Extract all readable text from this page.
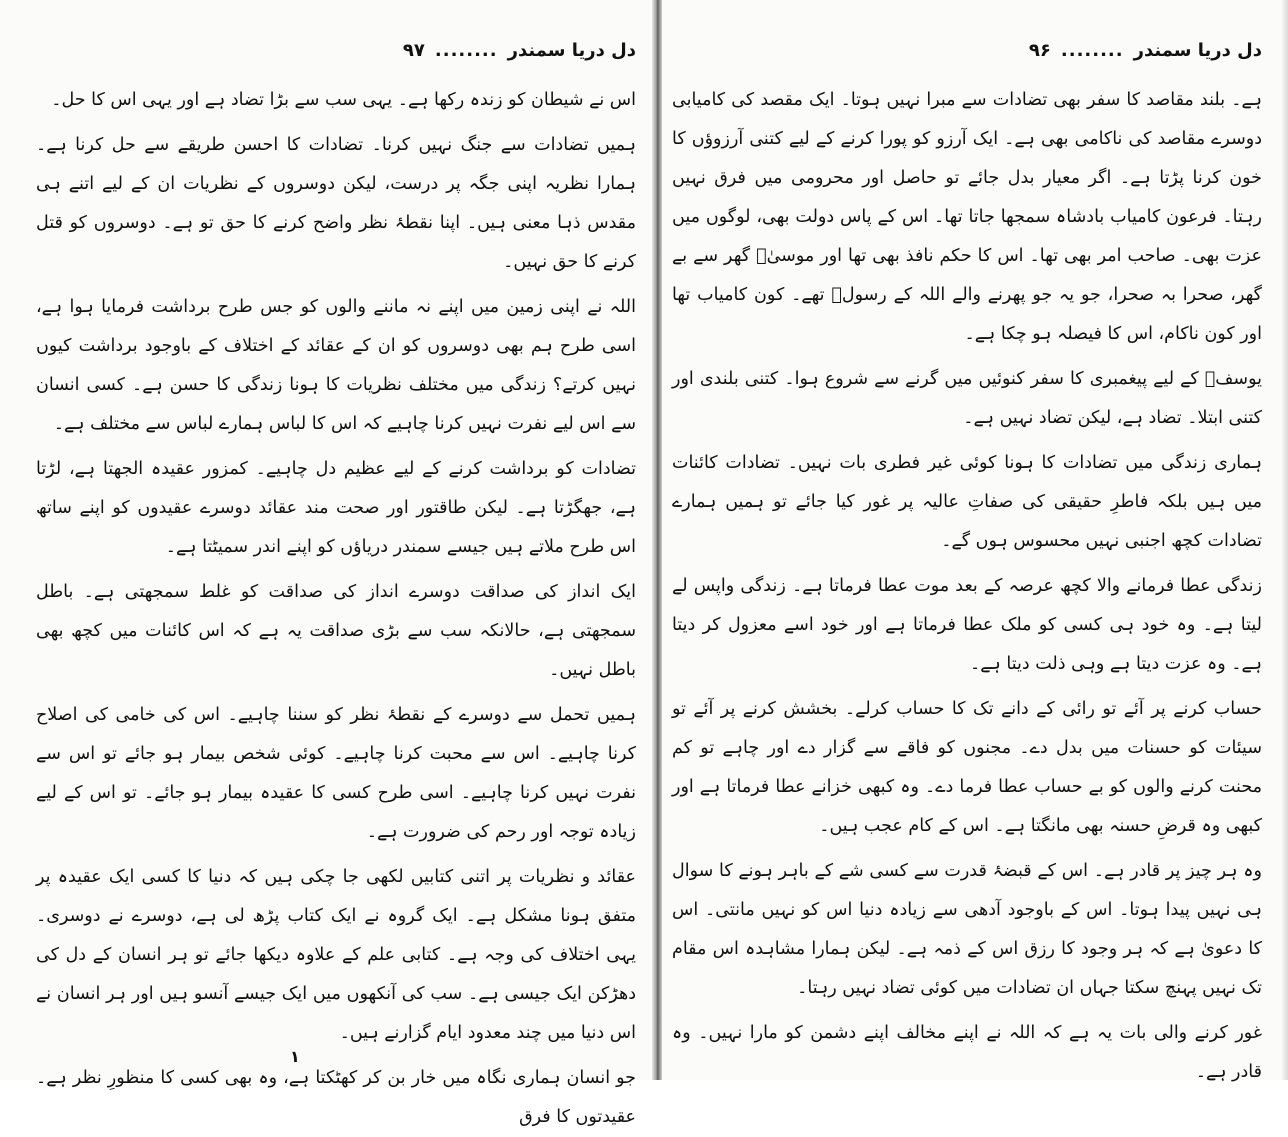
دل دریا سمندر
........
۹۷

اس نے شیطان کو زندہ رکھا ہے۔ یہی سب سے بڑا تضاد ہے اور یہی اس کا حل۔

ہمیں تضادات سے جنگ نہیں کرنا۔ تضادات کا احسن طریقے سے حل کرنا ہے۔ ہمارا نظریہ اپنی جگہ پر درست، لیکن دوسروں کے نظریات ان کے لیے اتنے ہی مقدس ذہا معنی ہیں۔ اپنا نقطۂ نظر واضح کرنے کا حق تو ہے۔ دوسروں کو قتل کرنے کا حق نہیں۔

اللہ نے اپنی زمین میں اپنے نہ ماننے والوں کو جس طرح برداشت فرمایا ہوا ہے، اسی طرح ہم بھی دوسروں کو ان کے عقائد کے اختلاف کے باوجود برداشت کیوں نہیں کرتے؟ زندگی میں مختلف نظریات کا ہونا زندگی کا حسن ہے۔ کسی انسان سے اس لیے نفرت نہیں کرنا چاہیے کہ اس کا لباس ہمارے لباس سے مختلف ہے۔

تضادات کو برداشت کرنے کے لیے عظیم دل چاہیے۔ کمزور عقیدہ الجھتا ہے، لڑتا ہے، جھگڑتا ہے۔ لیکن طاقتور اور صحت مند عقائد دوسرے عقیدوں کو اپنے ساتھ اس طرح ملاتے ہیں جیسے سمندر دریاؤں کو اپنے اندر سمیٹتا ہے۔

ایک انداز کی صداقت دوسرے انداز کی صداقت کو غلط سمجھتی ہے۔ باطل سمجھتی ہے، حالانکہ سب سے بڑی صداقت یہ ہے کہ اس کائنات میں کچھ بھی باطل نہیں۔

ہمیں تحمل سے دوسرے کے نقطۂ نظر کو سننا چاہیے۔ اس کی خامی کی اصلاح کرنا چاہیے۔ اس سے محبت کرنا چاہیے۔ کوئی شخص بیمار ہو جائے تو اس سے نفرت نہیں کرنا چاہیے۔ اسی طرح کسی کا عقیدہ بیمار ہو جائے۔ تو اس کے لیے زیادہ توجہ اور رحم کی ضرورت ہے۔

عقائد و نظریات پر اتنی کتابیں لکھی جا چکی ہیں کہ دنیا کا کسی ایک عقیدہ پر متفق ہونا مشکل ہے۔ ایک گروہ نے ایک کتاب پڑھ لی ہے، دوسرے نے دوسری۔ یہی اختلاف کی وجہ ہے۔ کتابی علم کے علاوہ دیکھا جائے تو ہر انسان کے دل کی دھڑکن ایک جیسی ہے۔ سب کی آنکھوں میں ایک جیسے آنسو ہیں اور ہر انسان نے اس دنیا میں چند معدود ایام گزارنے ہیں۔

جو انسان ہماری نگاہ میں خار بن کر کھٹکتا ہے، وہ بھی کسی کا منظورِ نظر ہے۔ عقیدتوں کا فرق

١
دل دریا سمندر
........
۹۶

ہے۔ بلند مقاصد کا سفر بھی تضادات سے مبرا نہیں ہوتا۔ ایک مقصد کی کامیابی دوسرے مقاصد کی ناکامی بھی ہے۔ ایک آرزو کو پورا کرنے کے لیے کتنی آرزوؤں کا خون کرنا پڑتا ہے۔ اگر معیار بدل جائے تو حاصل اور محرومی میں فرق نہیں رہتا۔ فرعون کامیاب بادشاہ سمجھا جاتا تھا۔ اس کے پاس دولت بھی، لوگوں میں عزت بھی۔ صاحب امر بھی تھا۔ اس کا حکم نافذ بھی تھا اور موسیٰؑ گھر سے بے گھر، صحرا بہ صحرا، جو یہ جو پھرنے والے اللہ کے رسولؑ تھے۔ کون کامیاب تھا اور کون ناکام، اس کا فیصلہ ہو چکا ہے۔

یوسفؑ کے لیے پیغمبری کا سفر کنوئیں میں گرنے سے شروع ہوا۔ کتنی بلندی اور کتنی ابتلا۔ تضاد ہے، لیکن تضاد نہیں ہے۔

ہماری زندگی میں تضادات کا ہونا کوئی غیر فطری بات نہیں۔ تضادات کائنات میں ہیں بلکہ فاطرِ حقیقی کی صفاتِ عالیہ پر غور کیا جائے تو ہمیں ہمارے تضادات کچھ اجنبی نہیں محسوس ہوں گے۔

زندگی عطا فرمانے والا کچھ عرصہ کے بعد موت عطا فرماتا ہے۔ زندگی واپس لے لیتا ہے۔ وہ خود ہی کسی کو ملک عطا فرماتا ہے اور خود اسے معزول کر دیتا ہے۔ وہ عزت دیتا ہے وہی ذلت دیتا ہے۔

حساب کرنے پر آئے تو رائی کے دانے تک کا حساب کرلے۔ بخشش کرنے پر آئے تو سیئات کو حسنات میں بدل دے۔ مجنوں کو فاقے سے گزار دے اور چاہے تو کم محنت کرنے والوں کو بے حساب عطا فرما دے۔ وہ کبھی خزانے عطا فرماتا ہے اور کبھی وہ قرضِ حسنہ بھی مانگتا ہے۔ اس کے کام عجب ہیں۔

وہ ہر چیز پر قادر ہے۔ اس کے قبضۂ قدرت سے کسی شے کے باہر ہونے کا سوال ہی نہیں پیدا ہوتا۔ اس کے باوجود آدھی سے زیادہ دنیا اس کو نہیں مانتی۔ اس کا دعویٰ ہے کہ ہر وجود کا رزق اس کے ذمہ ہے۔ لیکن ہمارا مشاہدہ اس مقام تک نہیں پہنچ سکتا جہاں ان تضادات میں کوئی تضاد نہیں رہتا۔

غور کرنے والی بات یہ ہے کہ اللہ نے اپنے مخالف اپنے دشمن کو مارا نہیں۔ وہ قادر ہے۔
